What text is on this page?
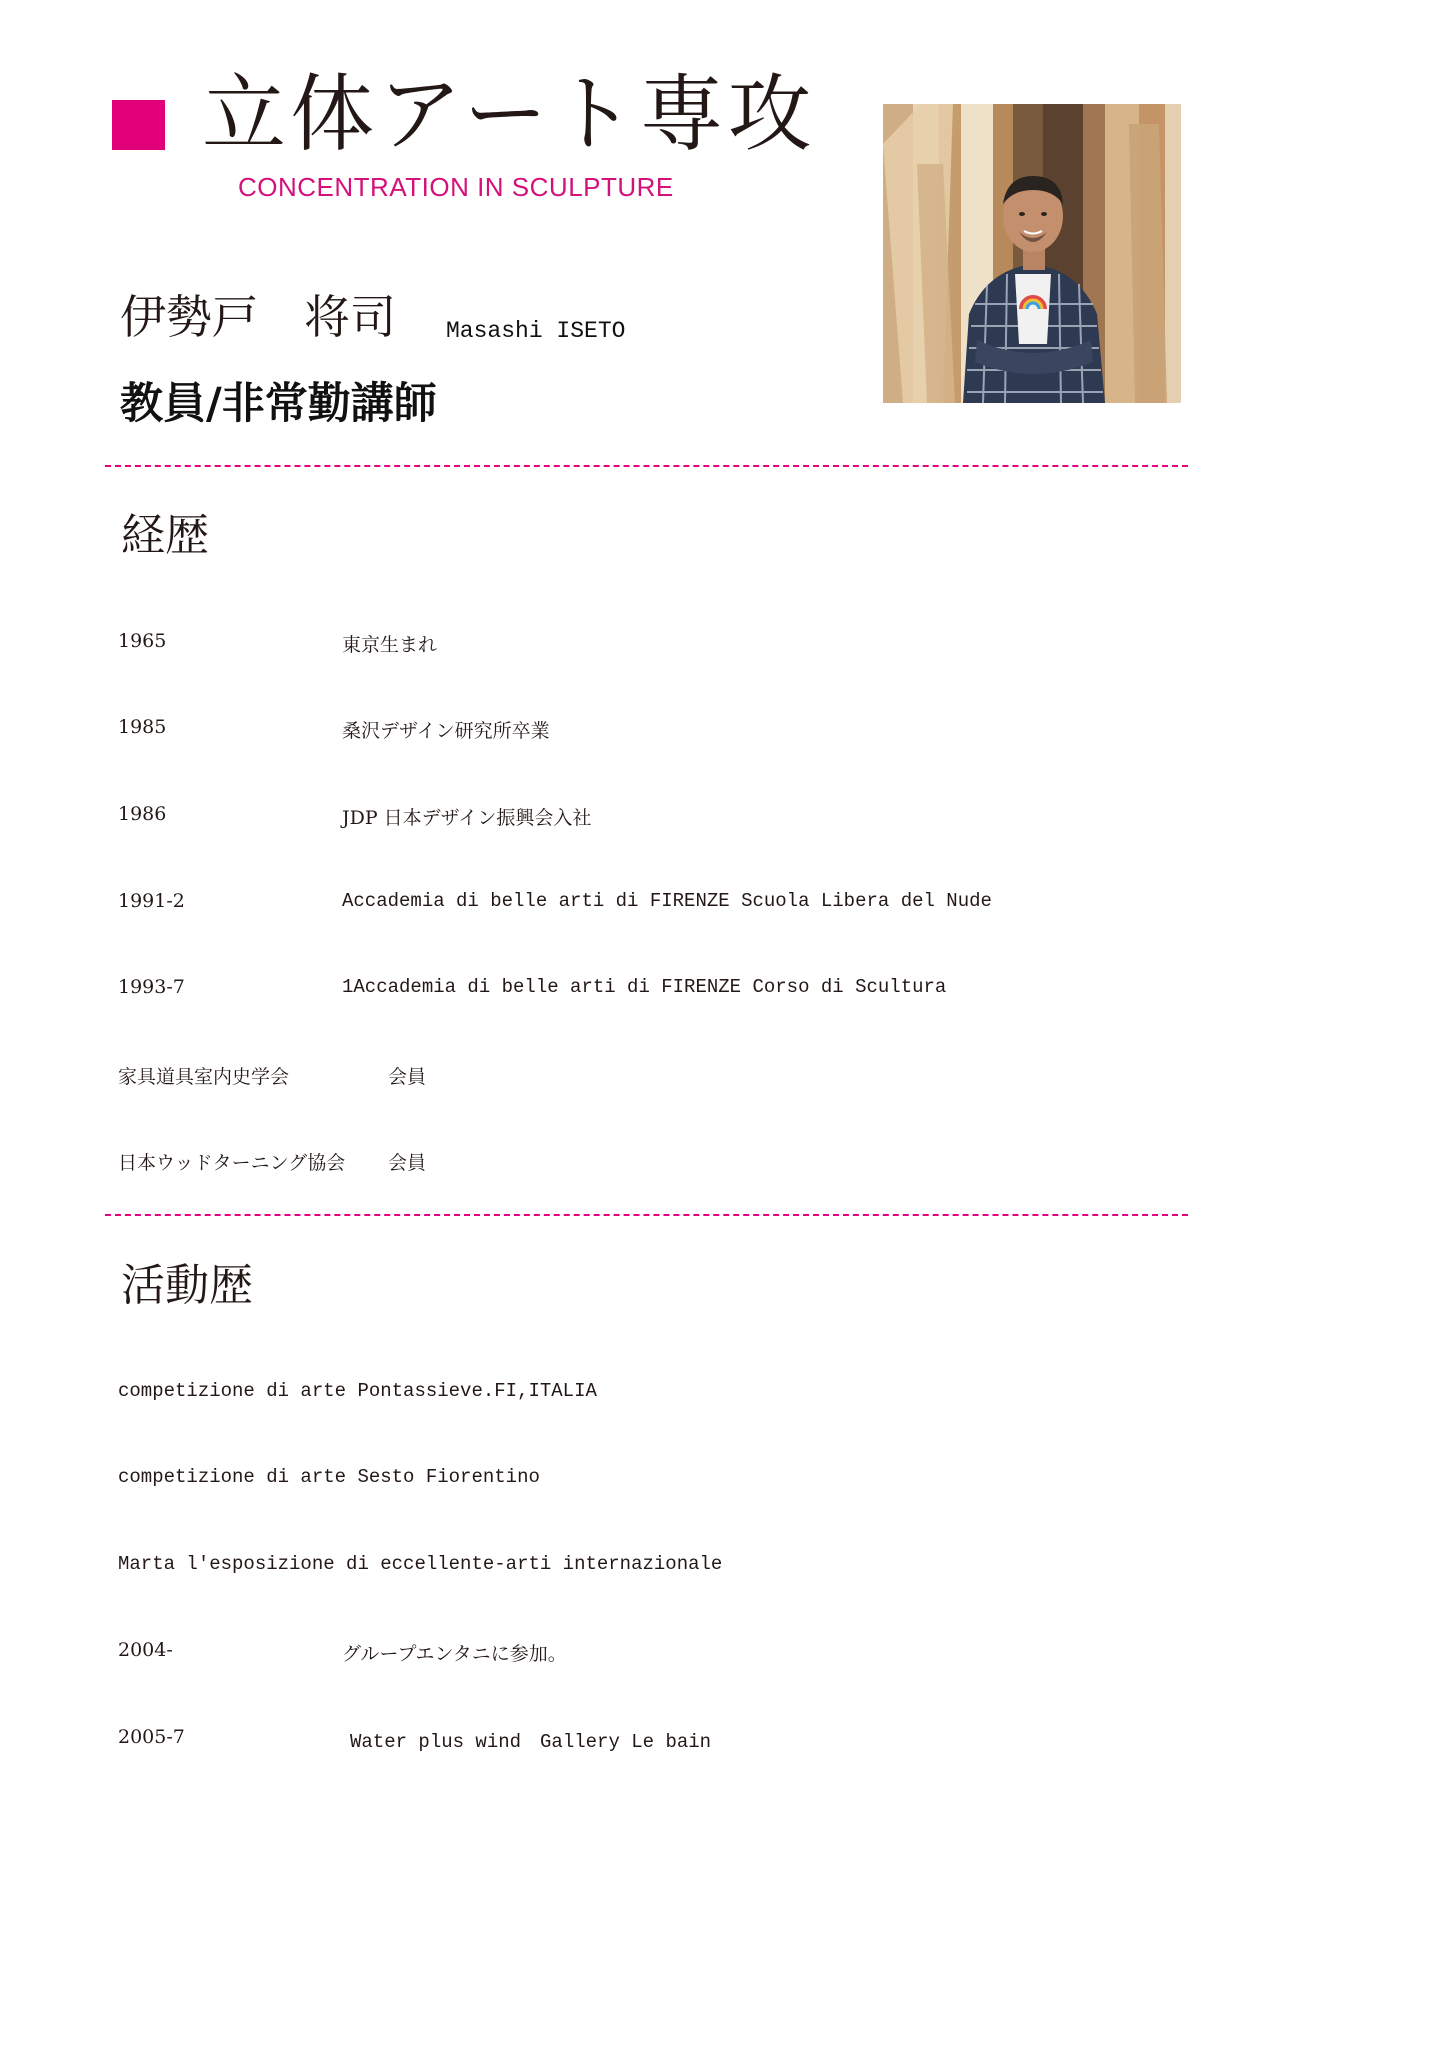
立体アート専攻
CONCENTRATION IN SCULPTURE
伊勢戸　将司 Masashi ISETO
教員/非常勤講師
経歴
1965	東京生まれ
1985	桑沢デザイン研究所卒業
1986	JDP 日本デザイン振興会入社
1991-2	Accademia di belle arti di FIRENZE Scuola Libera del Nude
1993-7	1Accademia di belle arti di FIRENZE Corso di Scultura
家具道具室内史学会	会員
日本ウッドターニング協会 会員
活動歴
competizione di arte Pontassieve.FI,ITALIA
competizione di arte Sesto Fiorentino
Marta l'esposizione di eccellente-arti internazionale
2004-	グループエンタニに参加。
2005-7	Water plus wind　Gallery Le bain
